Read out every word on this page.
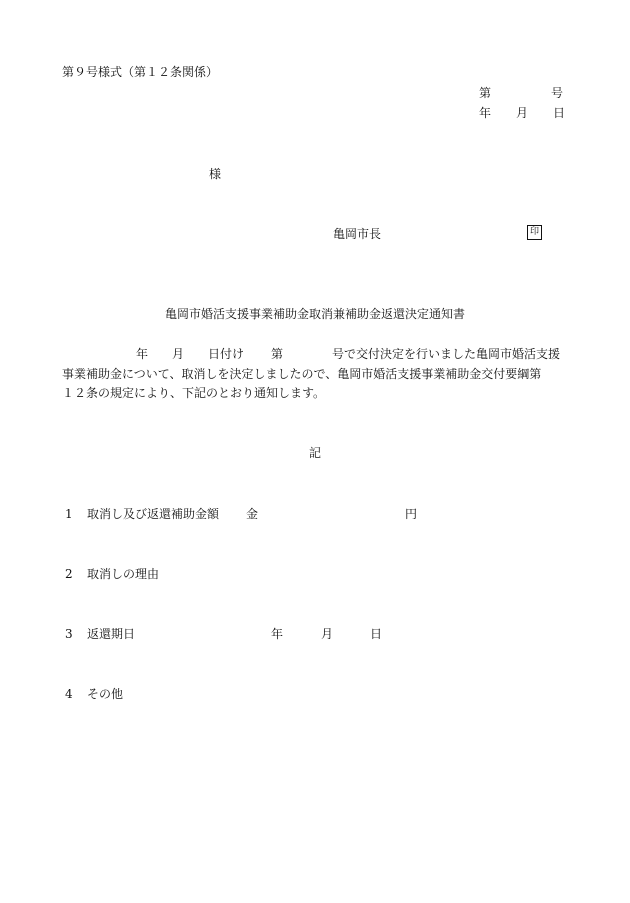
第９号様式（第１２条関係）
第	号
年 月 日
様
亀岡市長	印
亀岡市婚活支援事業補助金取消兼補助金返還決定通知書
年 月 日付け 第	号で交付決定を行いました亀岡市婚活支援
事業補助金について、取消しを決定しましたので、亀岡市婚活支援事業補助金交付要綱第
１２条の規定により、下記のとおり通知します。
記
1 取消し及び返還補助金額 金	円
2 取消しの理由
3 返還期日	年	月	日
4 その他
